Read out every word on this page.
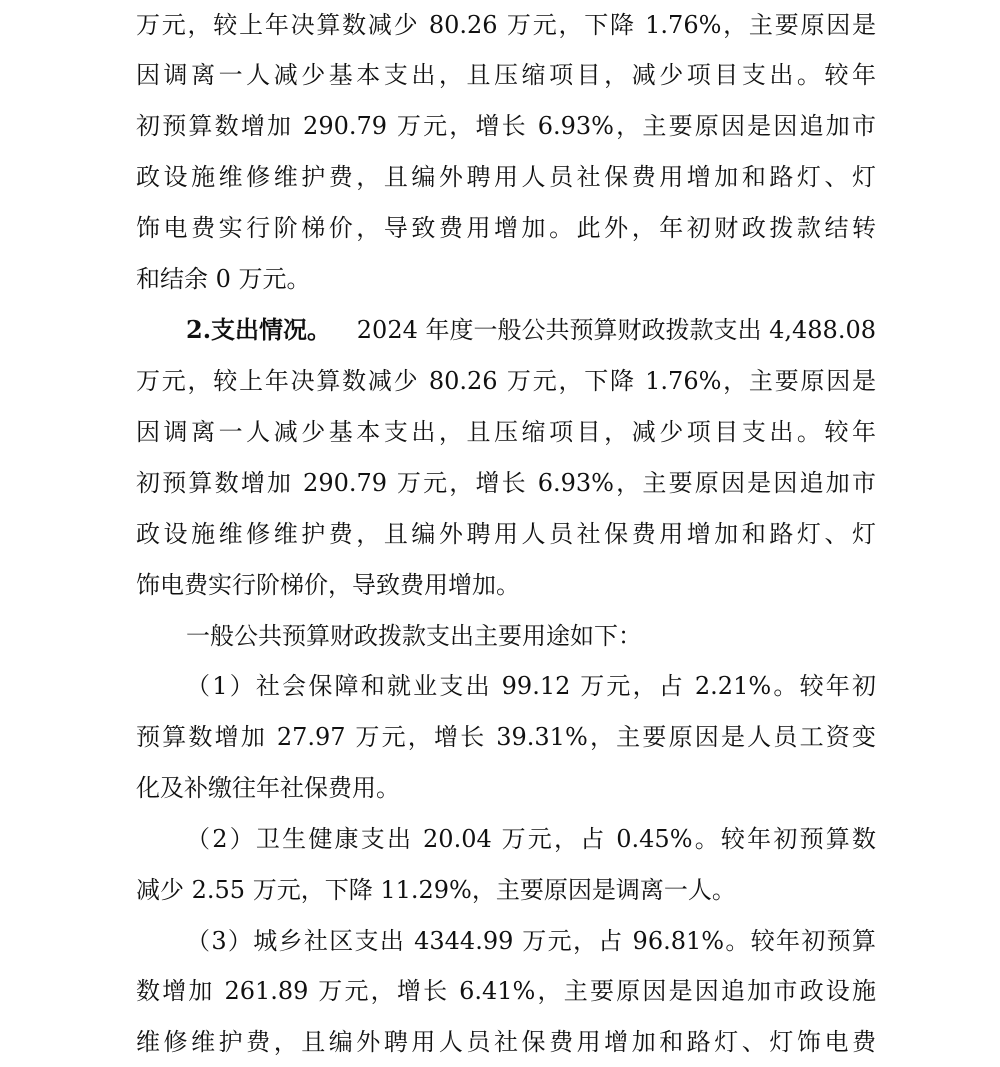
万元，较上年决算数减少 80.26 万元，下降 1.76%，主要原因是
因调离一人减少基本支出，且压缩项目，减少项目支出。较年
初预算数增加 290.79 万元，增长 6.93%，主要原因是因追加市
政设施维修维护费，且编外聘用人员社保费用增加和路灯、灯
饰电费实行阶梯价，导致费用增加。此外，年初财政拨款结转
和结余 0 万元。
2.支出情况。 2024 年度一般公共预算财政拨款支出 4,488.08
万元，较上年决算数减少 80.26 万元，下降 1.76%，主要原因是
因调离一人减少基本支出，且压缩项目，减少项目支出。较年
初预算数增加 290.79 万元，增长 6.93%，主要原因是因追加市
政设施维修维护费，且编外聘用人员社保费用增加和路灯、灯
饰电费实行阶梯价，导致费用增加。
一般公共预算财政拨款支出主要用途如下：
（1）社会保障和就业支出 99.12 万元，占 2.21%。较年初
预算数增加 27.97 万元，增长 39.31%，主要原因是人员工资变
化及补缴往年社保费用。
（2）卫生健康支出 20.04 万元，占 0.45%。较年初预算数
减少 2.55 万元，下降 11.29%，主要原因是调离一人。
（3）城乡社区支出 4344.99 万元，占 96.81%。较年初预算
数增加 261.89 万元，增长 6.41%，主要原因是因追加市政设施
维修维护费，且编外聘用人员社保费用增加和路灯、灯饰电费
